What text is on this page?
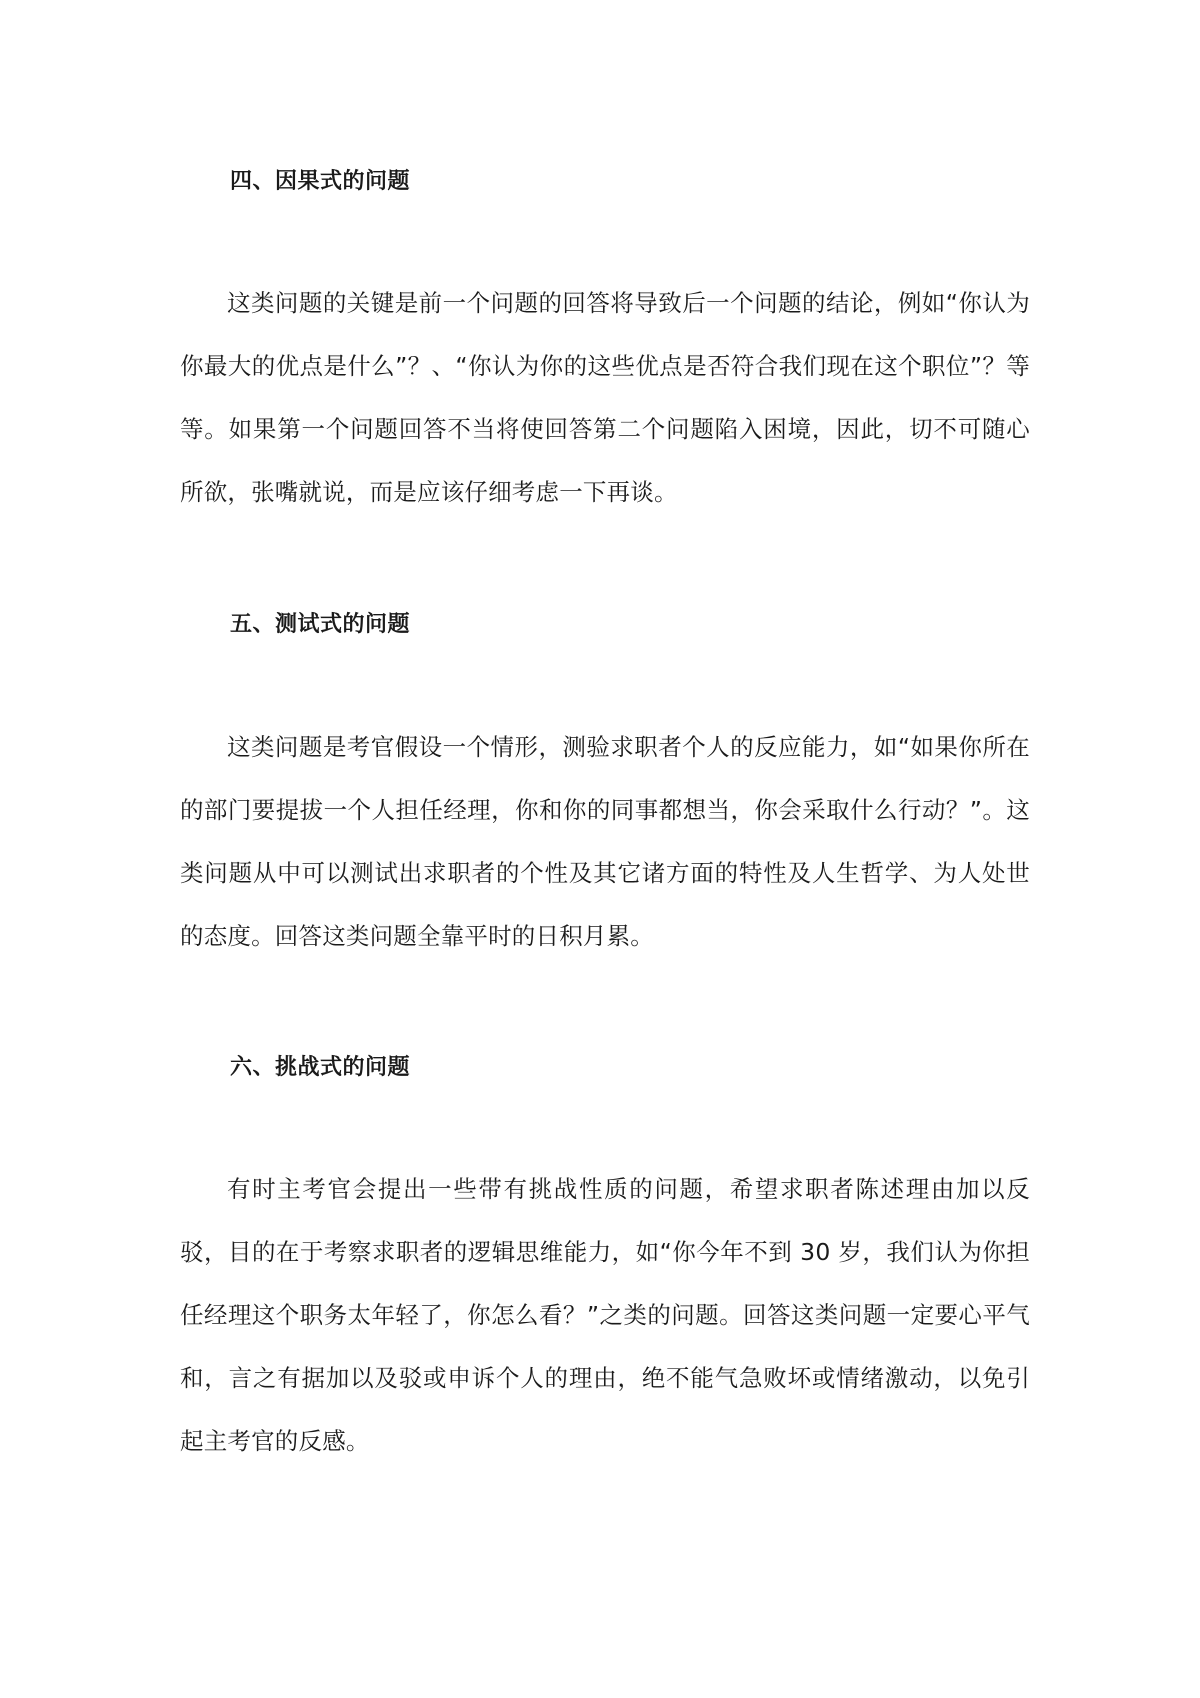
四、因果式的问题

这类问题的关键是前一个问题的回答将导致后一个问题的结论，例如“你认为你最大的优点是什么”？、“你认为你的这些优点是否符合我们现在这个职位”？等等。如果第一个问题回答不当将使回答第二个问题陷入困境，因此，切不可随心所欲，张嘴就说，而是应该仔细考虑一下再谈。

五、测试式的问题

这类问题是考官假设一个情形，测验求职者个人的反应能力，如“如果你所在的部门要提拔一个人担任经理，你和你的同事都想当，你会采取什么行动？”。这类问题从中可以测试出求职者的个性及其它诸方面的特性及人生哲学、为人处世的态度。回答这类问题全靠平时的日积月累。

六、挑战式的问题

有时主考官会提出一些带有挑战性质的问题，希望求职者陈述理由加以反驳，目的在于考察求职者的逻辑思维能力，如“你今年不到 30 岁，我们认为你担任经理这个职务太年轻了，你怎么看？”之类的问题。回答这类问题一定要心平气和，言之有据加以及驳或申诉个人的理由，绝不能气急败坏或情绪激动，以免引起主考官的反感。
